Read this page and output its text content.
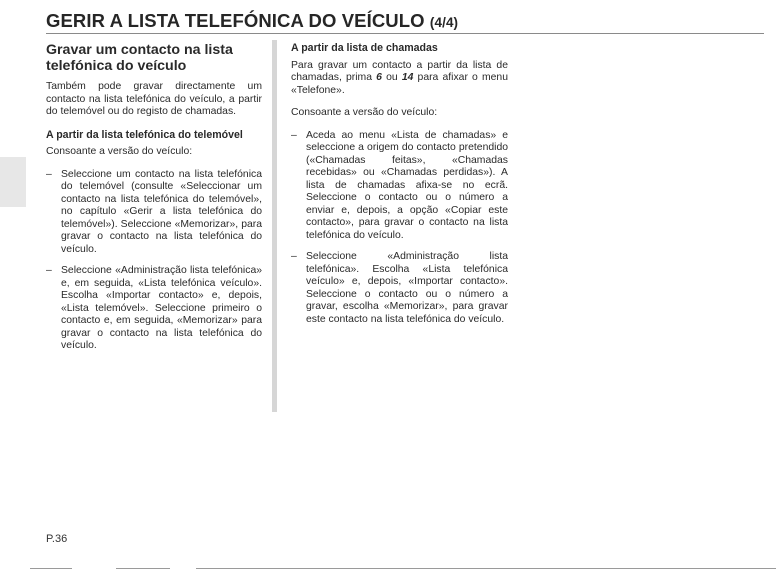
GERIR A LISTA TELEFÓNICA DO VEÍCULO (4/4)
Gravar um contacto na lista telefónica do veículo

Também pode gravar directamente um contacto na lista telefónica do veículo, a partir do telemóvel ou do registo de chamadas.

A partir da lista telefónica do telemóvel

Consoante a versão do veículo:

– Seleccione um contacto na lista telefónica do telemóvel (consulte «Seleccionar um contacto na lista telefónica do telemóvel», no capítulo «Gerir a lista telefónica do telemóvel»). Seleccione «Memorizar», para gravar o contacto na lista telefónica do veículo.
– Seleccione «Administração lista telefónica» e, em seguida, «Lista telefónica veículo». Escolha «Importar contacto» e, depois, «Lista telemóvel». Seleccione primeiro o contacto e, em seguida, «Memorizar» para gravar o contacto na lista telefónica do veículo.
A partir da lista de chamadas

Para gravar um contacto a partir da lista de chamadas, prima 6 ou 14 para afixar o menu «Telefone».

Consoante a versão do veículo:

– Aceda ao menu «Lista de chamadas» e seleccione a origem do contacto pretendido («Chamadas feitas», «Chamadas recebidas» ou «Chamadas perdidas»). A lista de chamadas afixa-se no ecrã. Seleccione o contacto ou o número a enviar e, depois, a opção «Copiar este contacto», para gravar o contacto na lista telefónica do veículo.
– Seleccione «Administração lista telefónica». Escolha «Lista telefónica veículo» e, depois, «Importar contacto». Seleccione o contacto ou o número a gravar, escolha «Memorizar», para gravar este contacto na lista telefónica do veículo.
P.36
